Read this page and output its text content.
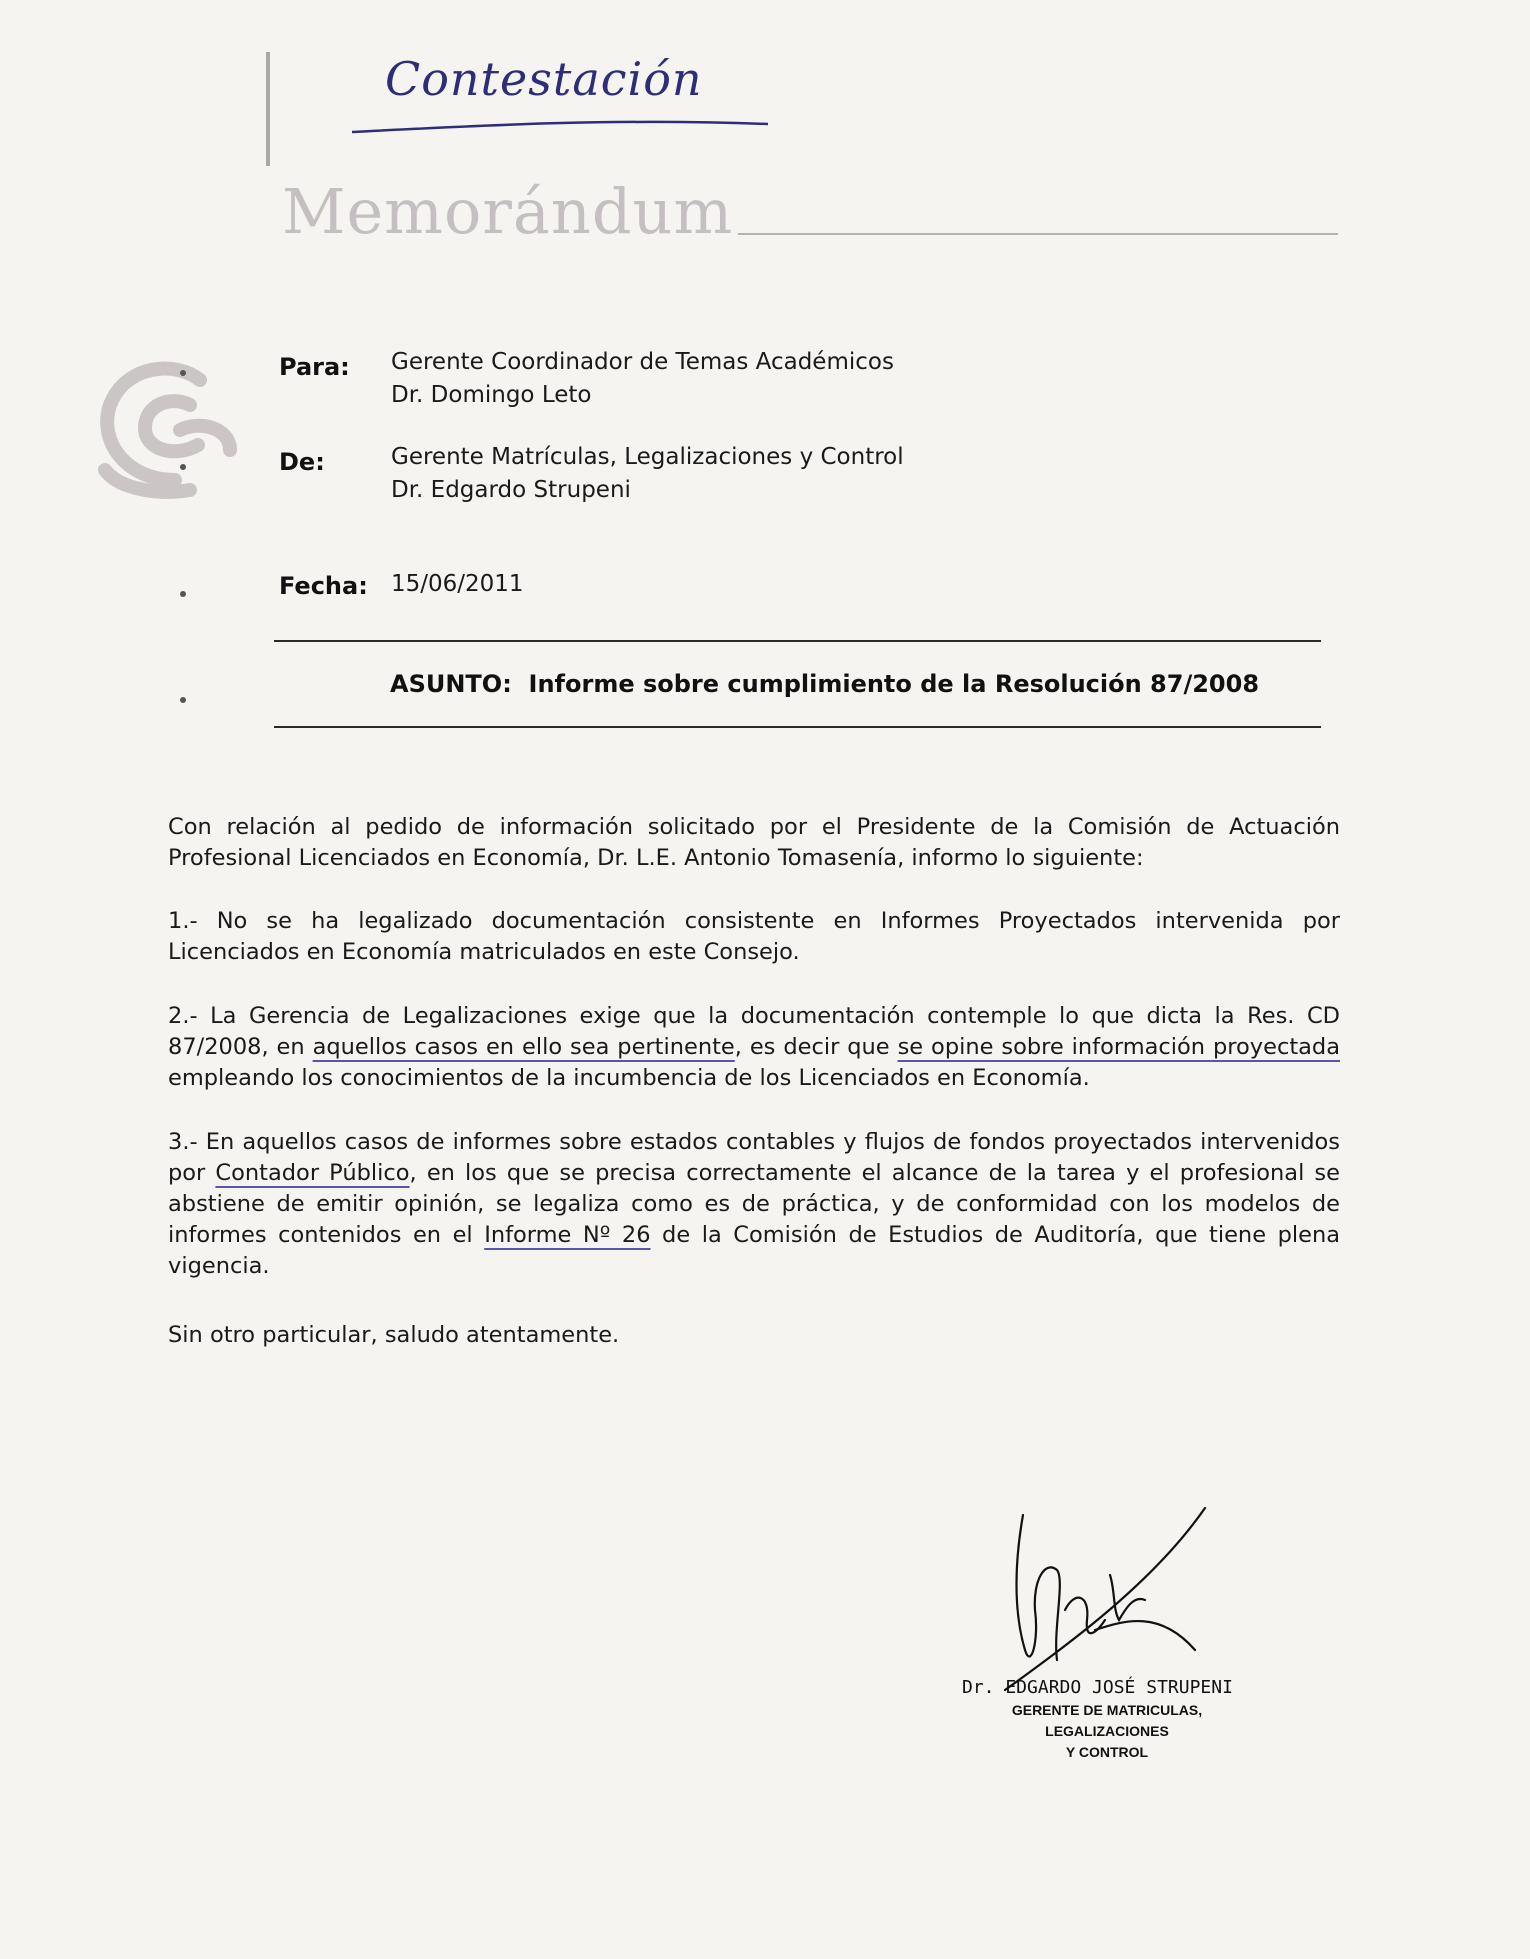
Contestación
Memorándum
Para: Gerente Coordinador de Temas Académicos
Dr. Domingo Leto
De:	Gerente Matrículas, Legalizaciones y Control
Dr. Edgardo Strupeni
Fecha: 15/06/2011
ASUNTO: Informe sobre cumplimiento de la Resolución 87/2008

Con relación al pedido de información solicitado por el Presidente de la Comisión de Actuación Profesional Licenciados en Economía, Dr. L.E. Antonio Tomasenía, informo lo siguiente:

1.- No se ha legalizado documentación consistente en Informes Proyectados intervenida por Licenciados en Economía matriculados en este Consejo.

2.- La Gerencia de Legalizaciones exige que la documentación contemple lo que dicta la Res. CD 87/2008, en aquellos casos en ello sea pertinente, es decir que se opine sobre información proyectada empleando los conocimientos de la incumbencia de los Licenciados en Economía.

3.- En aquellos casos de informes sobre estados contables y flujos de fondos proyectados intervenidos por Contador Público, en los que se precisa correctamente el alcance de la tarea y el profesional se abstiene de emitir opinión, se legaliza como es de práctica, y de conformidad con los modelos de informes contenidos en el Informe Nº 26 de la Comisión de Estudios de Auditoría, que tiene plena vigencia.

Sin otro particular, saludo atentamente.

Dr. EDGARDO JOSÉ STRUPENI
GERENTE DE MATRICULAS, LEGALIZACIONES
Y CONTROL
